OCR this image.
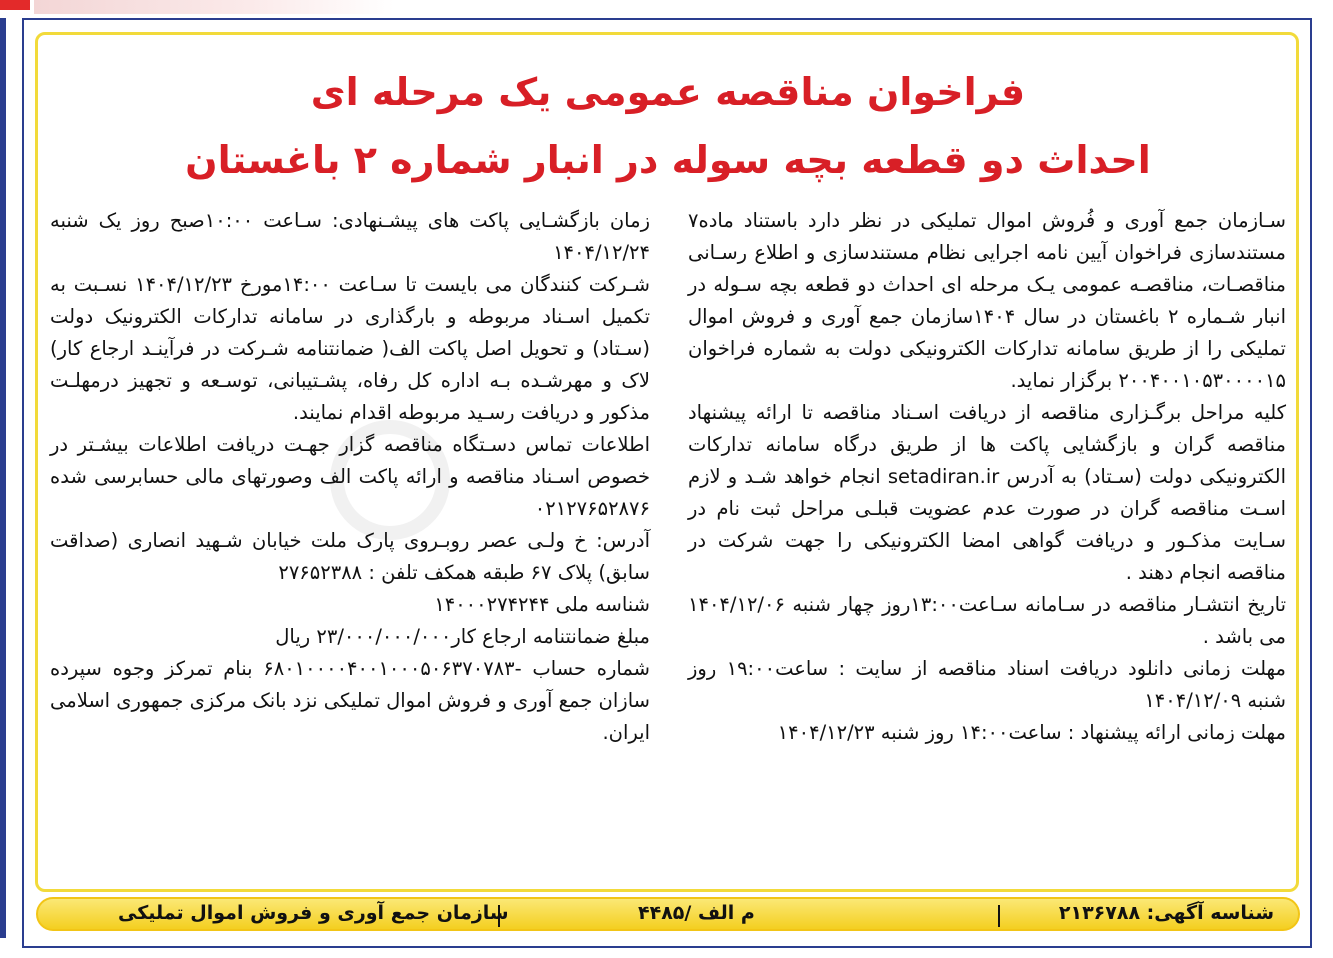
فراخوان مناقصه عمومی یک مرحله ای
احداث دو قطعه بچه سوله در انبار شماره ۲ باغستان

سـازمان جمع آوری و فُروش اموال تملیکی در نظر دارد باستناد ماده۷ مستندسازی فراخوان آیین نامه اجرایی نظام مستندسازی و اطلاع رسـانی مناقصـات، مناقصـه عمومی یـک مرحله ای احداث دو قطعه بچه سـوله در انبار شـماره ۲ باغستان در سال ۱۴۰۴سازمان جمع آوری و فروش اموال تملیکی را از طریق سامانه تدارکات الکترونیکی دولت به شماره فراخوان ۲۰۰۴۰۰۱۰۵۳۰۰۰۰۱۵ برگزار نماید.

کلیه مراحل برگـزاری مناقصه از دریافت اسـناد مناقصه تا ارائه پیشنهاد مناقصه گران و بازگشایی پاکت ها از طریق درگاه سامانه تدارکات الکترونیکی دولت (سـتاد) به آدرس setadiran.ir انجام خواهد شـد و لازم اسـت مناقصه گران در صورت عدم عضویت قبلـی مراحل ثبت نام در سـایت مذکـور و دریافت گواهی امضا الکترونیکی را جهت شرکت در مناقصه انجام دهند .

تاریخ انتشـار مناقصه در سـامانه سـاعت۱۳:۰۰روز چهار شنبه ۱۴۰۴/۱۲/۰۶ می باشد .

مهلت زمانی دانلود دریافت اسناد مناقصه از سایت : ساعت۱۹:۰۰ روز شنبه ۱۴۰۴/۱۲/۰۹

مهلت زمانی ارائه پیشنهاد : ساعت۱۴:۰۰ روز شنبه ۱۴۰۴/۱۲/۲۳

زمان بازگشـایی پاکت های پیشـنهادی: سـاعت ۱۰:۰۰صبح روز یک شنبه ۱۴۰۴/۱۲/۲۴

شـرکت کنندگان می بایست تا سـاعت ۱۴:۰۰مورخ ۱۴۰۴/۱۲/۲۳ نسـبت به تکمیل اسـناد مربوطه و بارگذاری در سامانه تدارکات الکترونیک دولت (سـتاد) و تحویل اصل پاکت الف( ضمانتنامه شـرکت در فرآینـد ارجاع کار) لاک و مهرشـده بـه اداره کل رفاه، پشـتیبانی، توسـعه و تجهیز درمهلـت مذکور و دریافت رسـید مربوطه اقدام نمایند.

اطلاعات تماس دسـتگاه مناقصه گزار جهـت دریافت اطلاعات بیشـتر در خصوص اسـناد مناقصه و ارائه پاکت الف وصورتهای مالی حسابرسی شده ۰۲۱۲۷۶۵۲۸۷۶

آدرس: خ ولـی عصر روبـروی پارک ملت خیابان شـهید انصاری (صداقت سابق) پلاک ۶۷ طبقه همکف تلفن : ۲۷۶۵۲۳۸۸

شناسه ملی ۱۴۰۰۰۲۷۴۲۴۴

مبلغ ضمانتنامه ارجاع کار۲۳/۰۰۰/۰۰۰/۰۰۰ ریال

شماره حساب -۶۸۰۱۰۰۰۰۴۰۰۱۰۰۰۵۰۶۳۷۰۷۸۳ بنام تمرکز وجوه سپرده سازان جمع آوری و فروش اموال تملیکی نزد بانک مرکزی جمهوری اسلامی ایران.

شناسه آگهی: ۲۱۳۶۷۸۸
م الف /۴۴۸۵
سازمان جمع آوری و فروش اموال تملیکی
